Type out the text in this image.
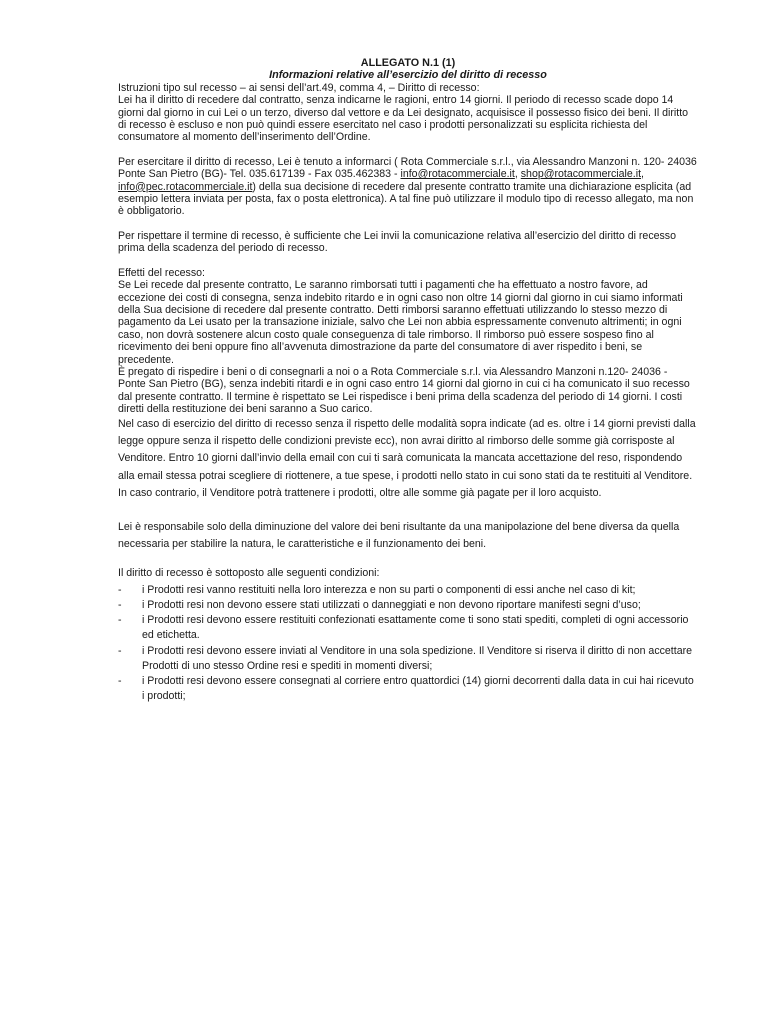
ALLEGATO N.1 (1)
Informazioni relative all’esercizio del diritto di recesso

Istruzioni tipo sul recesso – ai sensi dell’art.49, comma 4, – Diritto di recesso:

Lei ha il diritto di recedere dal contratto, senza indicarne le ragioni, entro 14 giorni. Il periodo di recesso scade dopo 14 giorni dal giorno in cui Lei o un terzo, diverso dal vettore e da Lei designato, acquisisce il possesso fisico dei beni. Il diritto di recesso è escluso e non può quindi essere esercitato nel caso i prodotti personalizzati su esplicita richiesta del consumatore al momento dell’inserimento dell’Ordine.

Per esercitare il diritto di recesso, Lei è tenuto a informarci ( Rota Commerciale s.r.l., via Alessandro Manzoni n. 120- 24036 Ponte San Pietro (BG)- Tel. 035.617139 - Fax 035.462383 - info@rotacommerciale.it, shop@rotacommerciale.it, info@pec.rotacommerciale.it) della sua decisione di recedere dal presente contratto tramite una dichiarazione esplicita (ad esempio lettera inviata per posta, fax o posta elettronica). A tal fine può utilizzare il modulo tipo di recesso allegato, ma non è obbligatorio.

Per rispettare il termine di recesso, è sufficiente che Lei invii la comunicazione relativa all’esercizio del diritto di recesso prima della scadenza del periodo di recesso.

Effetti del recesso:

Se Lei recede dal presente contratto, Le saranno rimborsati tutti i pagamenti che ha effettuato a nostro favore, ad eccezione dei costi di consegna, senza indebito ritardo e in ogni caso non oltre 14 giorni dal giorno in cui siamo informati della Sua decisione di recedere dal presente contratto. Detti rimborsi saranno effettuati utilizzando lo stesso mezzo di pagamento da Lei usato per la transazione iniziale, salvo che Lei non abbia espressamente convenuto altrimenti; in ogni caso, non dovrà sostenere alcun costo quale conseguenza di tale rimborso. Il rimborso può essere sospeso fino al ricevimento dei beni oppure fino all’avvenuta dimostrazione da parte del consumatore di aver rispedito i beni, se precedente.

È pregato di rispedire i beni o di consegnarli a noi o a Rota Commerciale s.r.l. via Alessandro Manzoni n.120- 24036 - Ponte San Pietro (BG), senza indebiti ritardi e in ogni caso entro 14 giorni dal giorno in cui ci ha comunicato il suo recesso dal presente contratto. Il termine è rispettato se Lei rispedisce i beni prima della scadenza del periodo di 14 giorni. I costi diretti della restituzione dei beni saranno a Suo carico.

Nel caso di esercizio del diritto di recesso senza il rispetto delle modalità sopra indicate (ad es. oltre i 14 giorni previsti dalla legge oppure senza il rispetto delle condizioni previste ecc), non avrai diritto al rimborso delle somme già corrisposte al Venditore. Entro 10 giorni dall’invio della email con cui ti sarà comunicata la mancata accettazione del reso, rispondendo alla email stessa potrai scegliere di riottenere, a tue spese, i prodotti nello stato in cui sono stati da te restituiti al Venditore. In caso contrario, il Venditore potrà trattenere i prodotti, oltre alle somme già pagate per il loro acquisto.

Lei è responsabile solo della diminuzione del valore dei beni risultante da una manipolazione del bene diversa da quella necessaria per stabilire la natura, le caratteristiche e il funzionamento dei beni.

Il diritto di recesso è sottoposto alle seguenti condizioni:

- i Prodotti resi vanno restituiti nella loro interezza e non su parti o componenti di essi anche nel caso di kit;
- i Prodotti resi non devono essere stati utilizzati o danneggiati e non devono riportare manifesti segni d’uso;
- i Prodotti resi devono essere restituiti confezionati esattamente come ti sono stati spediti, completi di ogni accessorio ed etichetta.
- i Prodotti resi devono essere inviati al Venditore in una sola spedizione. Il Venditore si riserva il diritto di non accettare Prodotti di uno stesso Ordine resi e spediti in momenti diversi;
- i Prodotti resi devono essere consegnati al corriere entro quattordici (14) giorni decorrenti dalla data in cui hai ricevuto i prodotti;
